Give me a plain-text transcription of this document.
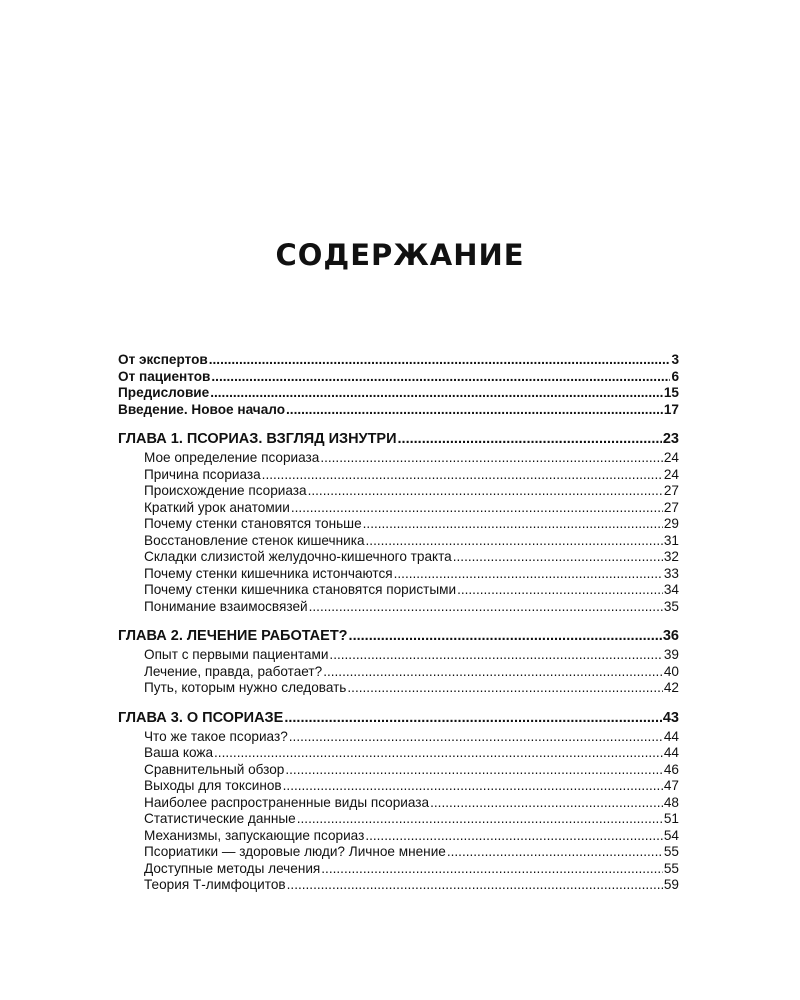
СОДЕРЖАНИЕ
От экспертов .....	3
От пациентов .....	6
Предисловие .....	15
Введение. Новое начало .....	17
ГЛАВА 1. ПСОРИАЗ. ВЗГЛЯД ИЗНУТРИ .....	23
Мое определение псориаза .....	24
Причина псориаза .....	24
Происхождение псориаза .....	27
Краткий урок анатомии .....	27
Почему стенки становятся тоньше .....	29
Восстановление стенок кишечника .....	31
Складки слизистой желудочно-кишечного тракта .....	32
Почему стенки кишечника истончаются .....	33
Почему стенки кишечника становятся пористыми .....	34
Понимание взаимосвязей .....	35
ГЛАВА 2. ЛЕЧЕНИЕ РАБОТАЕТ? .....	36
Опыт с первыми пациентами .....	39
Лечение, правда, работает? .....	40
Путь, которым нужно следовать .....	42
ГЛАВА 3. О ПСОРИАЗЕ .....	43
Что же такое псориаз? .....	44
Ваша кожа .....	44
Сравнительный обзор .....	46
Выходы для токсинов .....	47
Наиболее распространенные виды псориаза .....	48
Статистические данные .....	51
Механизмы, запускающие псориаз .....	54
Псориатики — здоровые люди? Личное мнение .....	55
Доступные методы лечения .....	55
Теория Т-лимфоцитов .....	59
